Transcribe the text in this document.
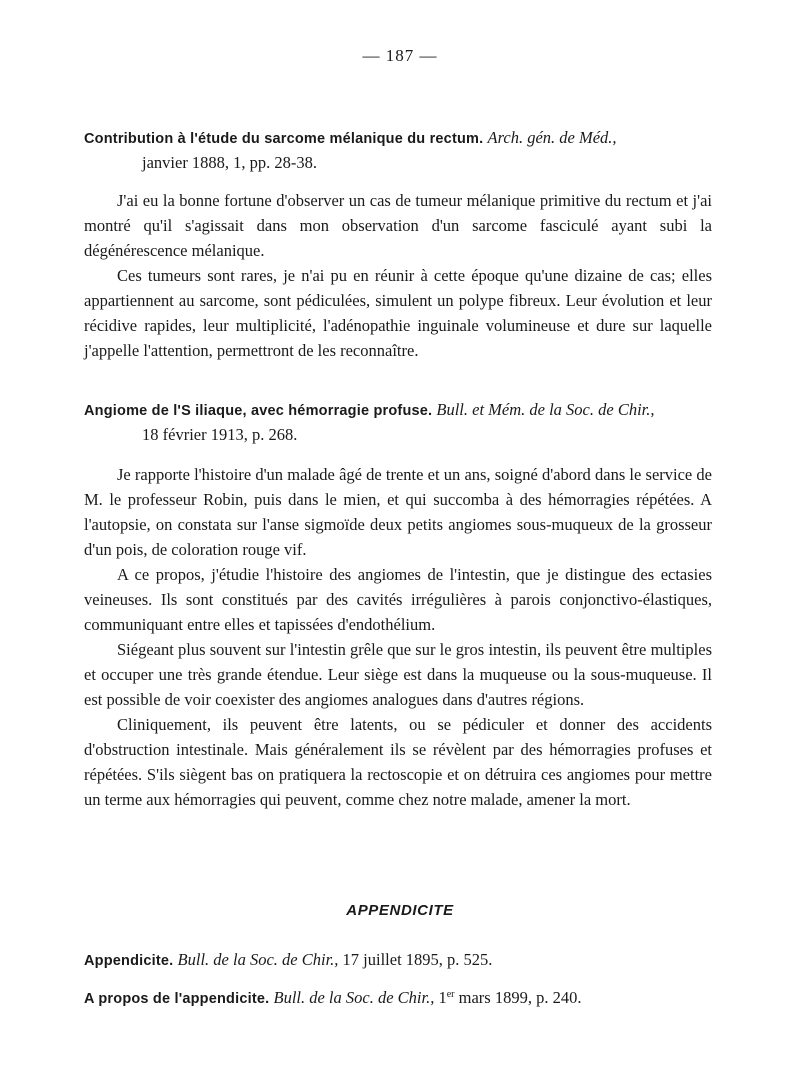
— 187 —

Contribution à l'étude du sarcome mélanique du rectum. Arch. gén. de Méd.,

janvier 1888, 1, pp. 28-38.

J'ai eu la bonne fortune d'observer un cas de tumeur mélanique primitive du rectum et j'ai montré qu'il s'agissait dans mon observation d'un sarcome fasciculé ayant subi la dégénérescence mélanique.

Ces tumeurs sont rares, je n'ai pu en réunir à cette époque qu'une dizaine de cas; elles appartiennent au sarcome, sont pédiculées, simulent un polype fibreux. Leur évolution et leur récidive rapides, leur multiplicité, l'adénopathie inguinale volumineuse et dure sur laquelle j'appelle l'attention, permettront de les reconnaître.

Angiome de l'S iliaque, avec hémorragie profuse. Bull. et Mém. de la Soc. de Chir.,

18 février 1913, p. 268.

Je rapporte l'histoire d'un malade âgé de trente et un ans, soigné d'abord dans le service de M. le professeur Robin, puis dans le mien, et qui succomba à des hémorragies répétées. A l'autopsie, on constata sur l'anse sigmoïde deux petits angiomes sous-muqueux de la grosseur d'un pois, de coloration rouge vif.

A ce propos, j'étudie l'histoire des angiomes de l'intestin, que je distingue des ectasies veineuses. Ils sont constitués par des cavités irrégulières à parois conjonctivo-élastiques, communiquant entre elles et tapissées d'endothélium.

Siégeant plus souvent sur l'intestin grêle que sur le gros intestin, ils peuvent être multiples et occuper une très grande étendue. Leur siège est dans la muqueuse ou la sous-muqueuse. Il est possible de voir coexister des angiomes analogues dans d'autres régions.

Cliniquement, ils peuvent être latents, ou se pédiculer et donner des accidents d'obstruction intestinale. Mais généralement ils se révèlent par des hémorragies profuses et répétées. S'ils siègent bas on pratiquera la rectoscopie et on détruira ces angiomes pour mettre un terme aux hémorragies qui peuvent, comme chez notre malade, amener la mort.

APPENDICITE

Appendicite. Bull. de la Soc. de Chir., 17 juillet 1895, p. 525.

A propos de l'appendicite. Bull. de la Soc. de Chir., 1er mars 1899, p. 240.
